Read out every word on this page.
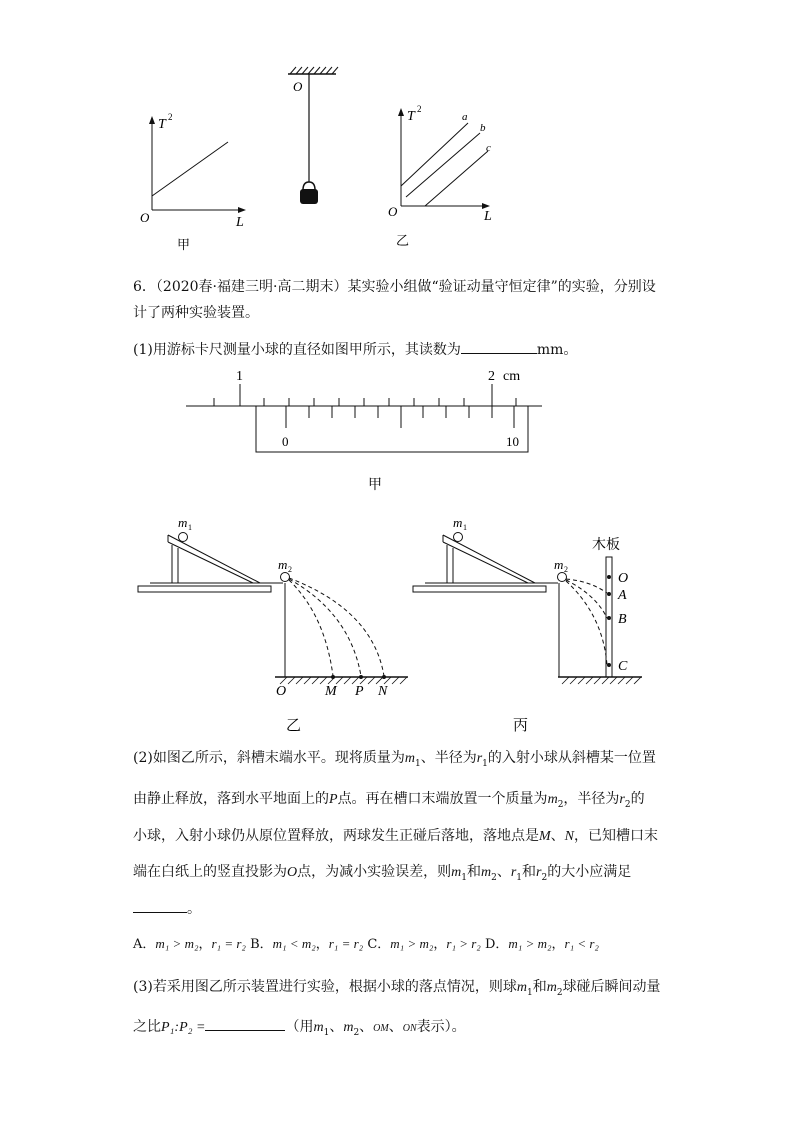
T 2
O	L
甲
O
T 2
O	L
a
b
c
乙
6．（2020春·福建三明·高二期末）某实验小组做“验证动量守恒定律”的实验，分别设
计了两种实验装置。
(1)用游标卡尺测量小球的直径如图甲所示，其读数为	mm。
1	2 cm
0	10
甲
m 1
m 2
O	M P N
乙
m 1
m 2
木板
O
A
B
C
丙
(2)如图乙所示，斜槽末端水平。现将质量为$m_1$、半径为$r_1$的入射小球从斜槽某一位置
由静止释放，落到水平地面上的P点。再在槽口末端放置一个质量为$m_2$，半径为$r_2$的
小球，入射小球仍从原位置释放，两球发生正碰后落地，落地点是M、N，已知槽口末
端在白纸上的竖直投影为O点，为减小实验误差，则$m_1$和$m_2$、$r_1$和$r_2$的大小应满足
。
A．m₁ > m₂，r₁ = r₂ B．m₁ < m₂，r₁ = r₂ C．m₁ > m₂，r₁ > r₂ D．m₁ > m₂，r₁ < r₂
(3)若采用图乙所示装置进行实验，根据小球的落点情况，则球$m_1$和$m_2$球碰后瞬间动量
之比P₁:P₂ =	（用$m_1$、$m_2$、OM、ON表示）。
